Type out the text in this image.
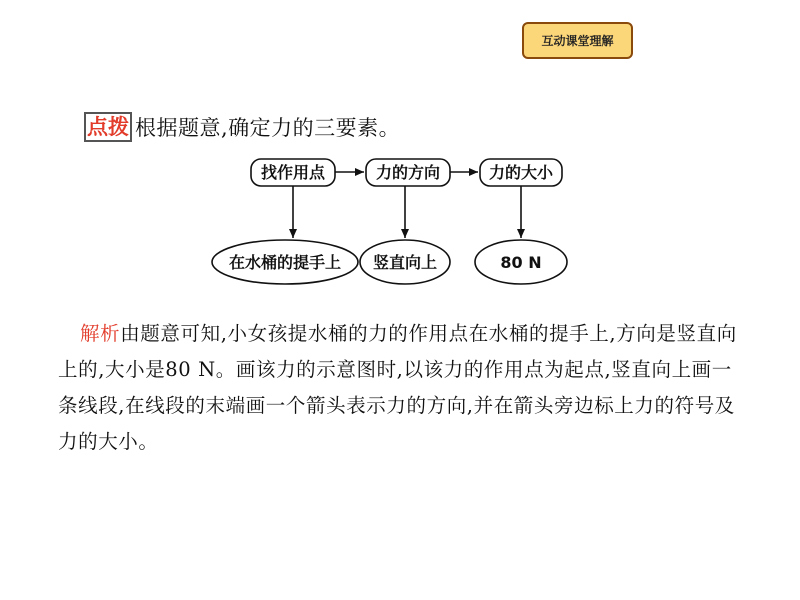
互动课堂理解
点拨 根据题意,确定力的三要素。
找作用点	力的方向	力的大小
在水桶的提手上 竖直向上	80 N
解析由题意可知,小女孩提水桶的力的作用点在水桶的提手上,方向是竖直向上的,大小是80 N。画该力的示意图时,以该力的作用点为起点,竖直向上画一条线段,在线段的末端画一个箭头表示力的方向,并在箭头旁边标上力的符号及力的大小。
